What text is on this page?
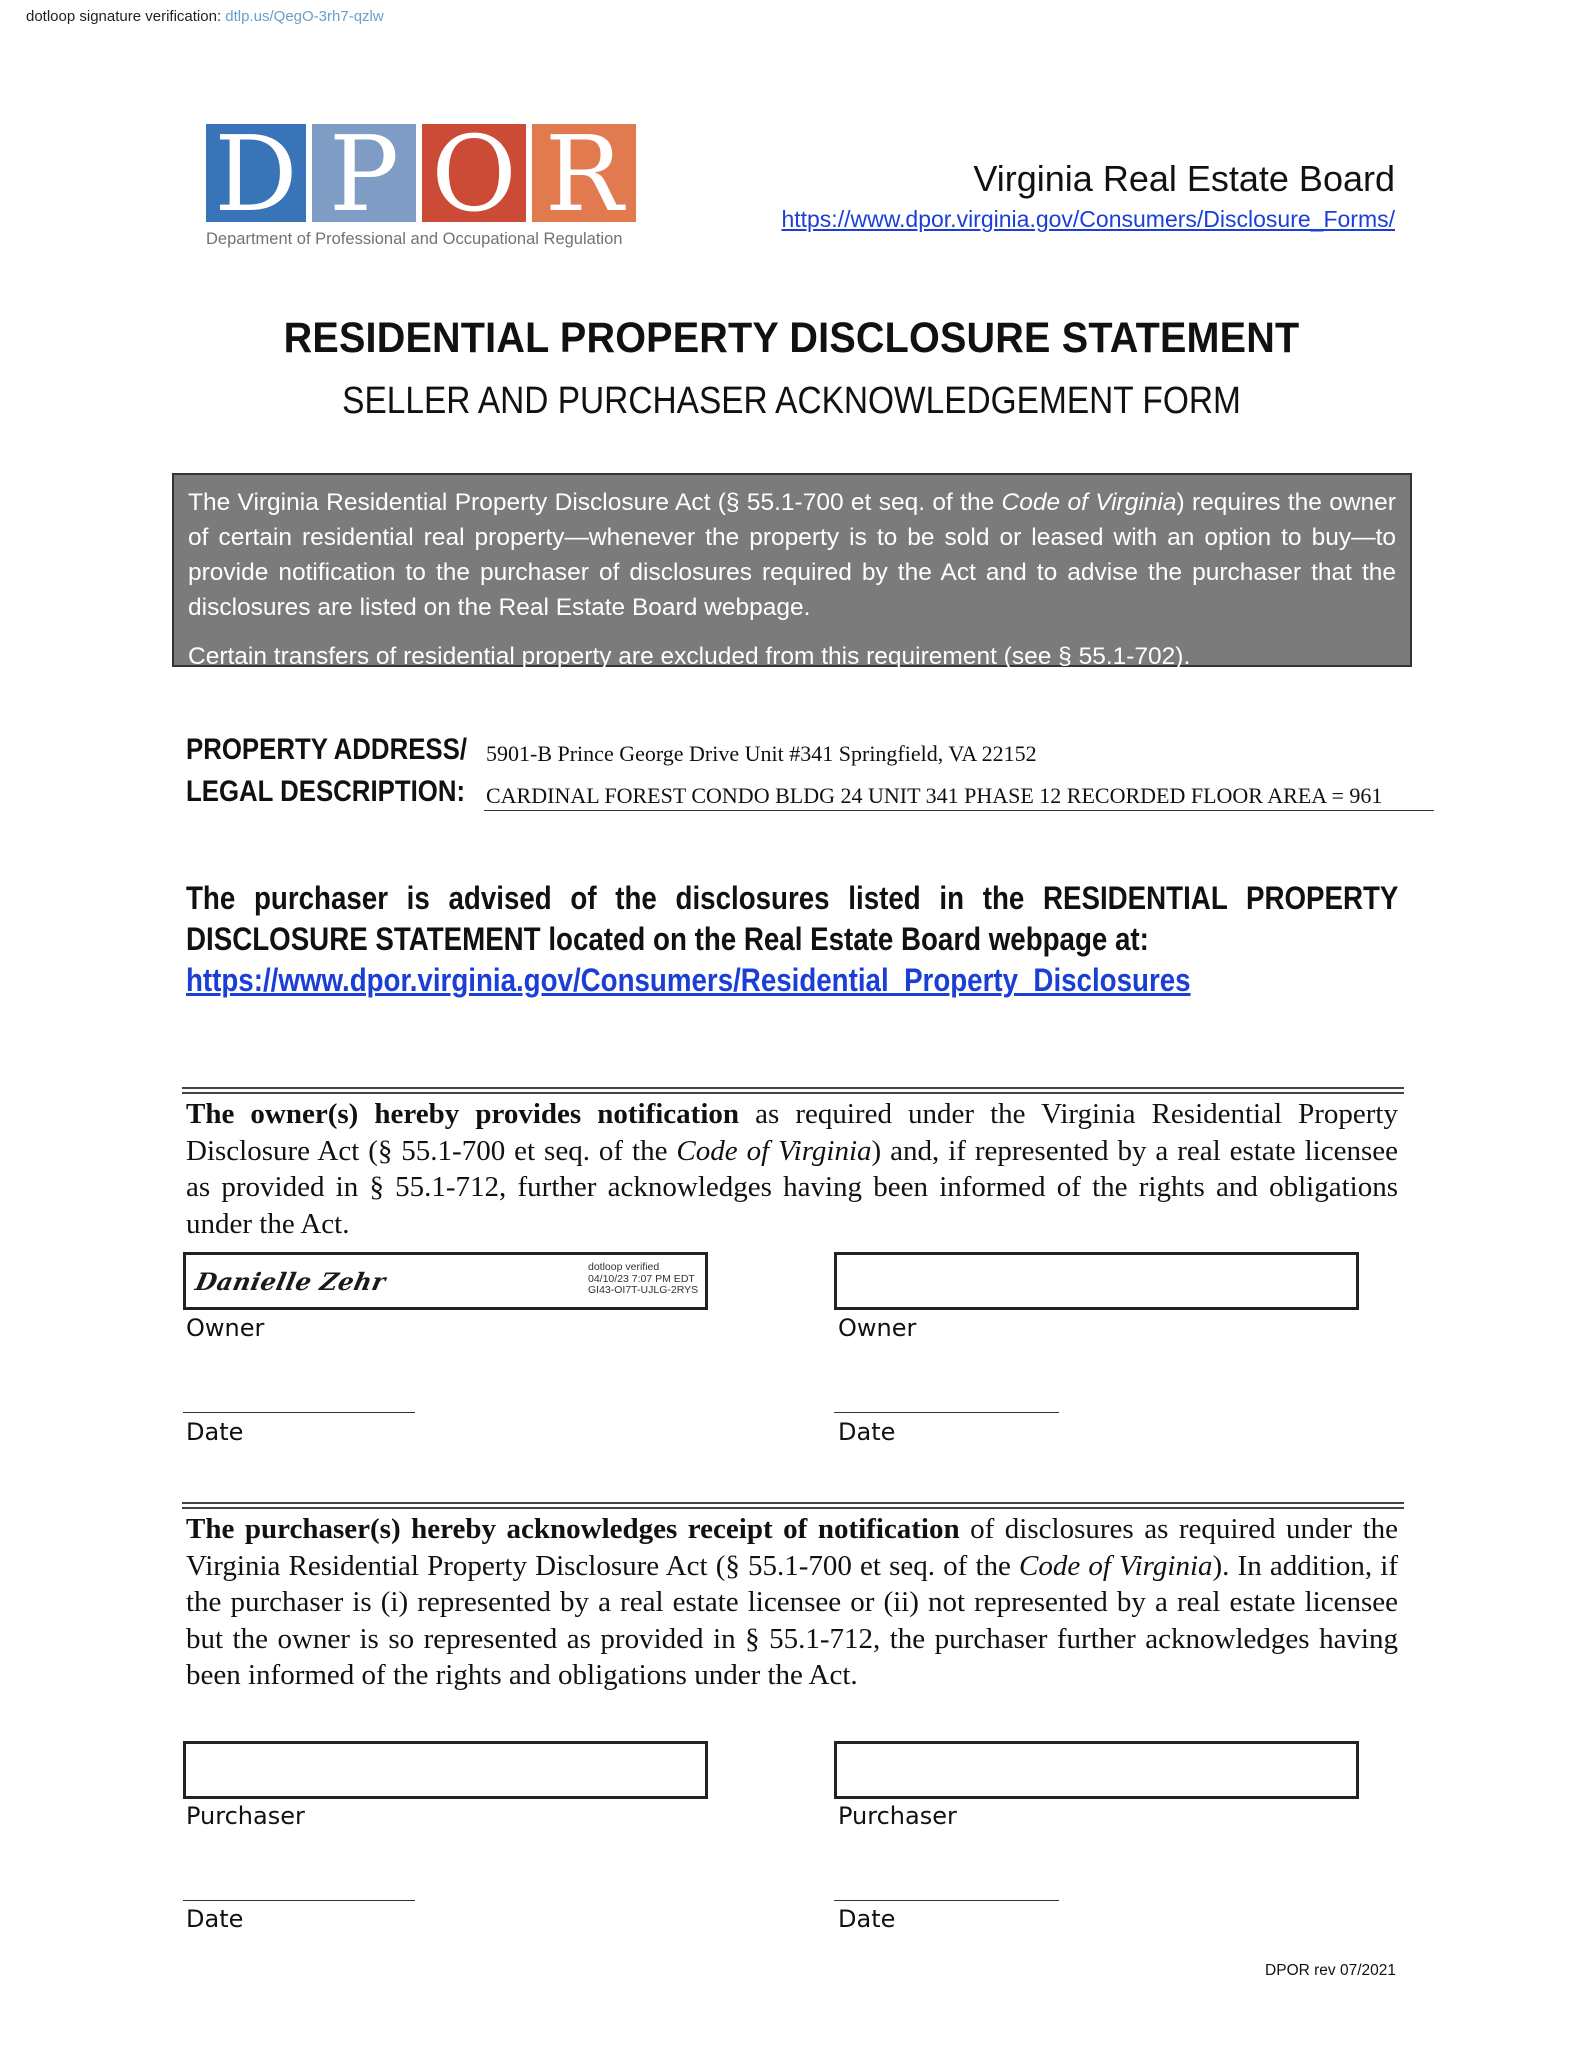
dotloop signature verification: dtlp.us/QegO-3rh7-qzlw
D P O R
Department of Professional and Occupational Regulation
Virginia Real Estate Board
https://www.dpor.virginia.gov/Consumers/Disclosure_Forms/
RESIDENTIAL PROPERTY DISCLOSURE STATEMENT
SELLER AND PURCHASER ACKNOWLEDGEMENT FORM

The Virginia Residential Property Disclosure Act (§ 55.1-700 et seq. of the Code of Virginia) requires the owner of certain residential real property—whenever the property is to be sold or leased with an option to buy—to provide notification to the purchaser of disclosures required by the Act and to advise the purchaser that the disclosures are listed on the Real Estate Board webpage.

Certain transfers of residential property are excluded from this requirement (see § 55.1-702).

PROPERTY ADDRESS/ 5901-B Prince George Drive Unit #341 Springfield, VA 22152
LEGAL DESCRIPTION: CARDINAL FOREST CONDO BLDG 24 UNIT 341 PHASE 12 RECORDED FLOOR AREA = 961
The purchaser is advised of the disclosures listed in the RESIDENTIAL PROPERTY DISCLOSURE STATEMENT located on the Real Estate Board webpage at:
https://www.dpor.virginia.gov/Consumers/Residential_Property_Disclosures
The owner(s) hereby provides notification as required under the Virginia Residential Property Disclosure Act (§ 55.1-700 et seq. of the Code of Virginia) and, if represented by a real estate licensee as provided in § 55.1-712, further acknowledges having been informed of the rights and obligations under the Act.
Danielle Zehr	dotloop verified
04/10/23 7:07 PM EDT
GI43-OI7T-UJLG-2RYS
Owner	Owner
Date	Date
The purchaser(s) hereby acknowledges receipt of notification of disclosures as required under the Virginia Residential Property Disclosure Act (§ 55.1-700 et seq. of the Code of Virginia). In addition, if the purchaser is (i) represented by a real estate licensee or (ii) not represented by a real estate licensee but the owner is so represented as provided in § 55.1-712, the purchaser further acknowledges having been informed of the rights and obligations under the Act.
Purchaser	Purchaser
Date	Date
DPOR rev 07/2021
